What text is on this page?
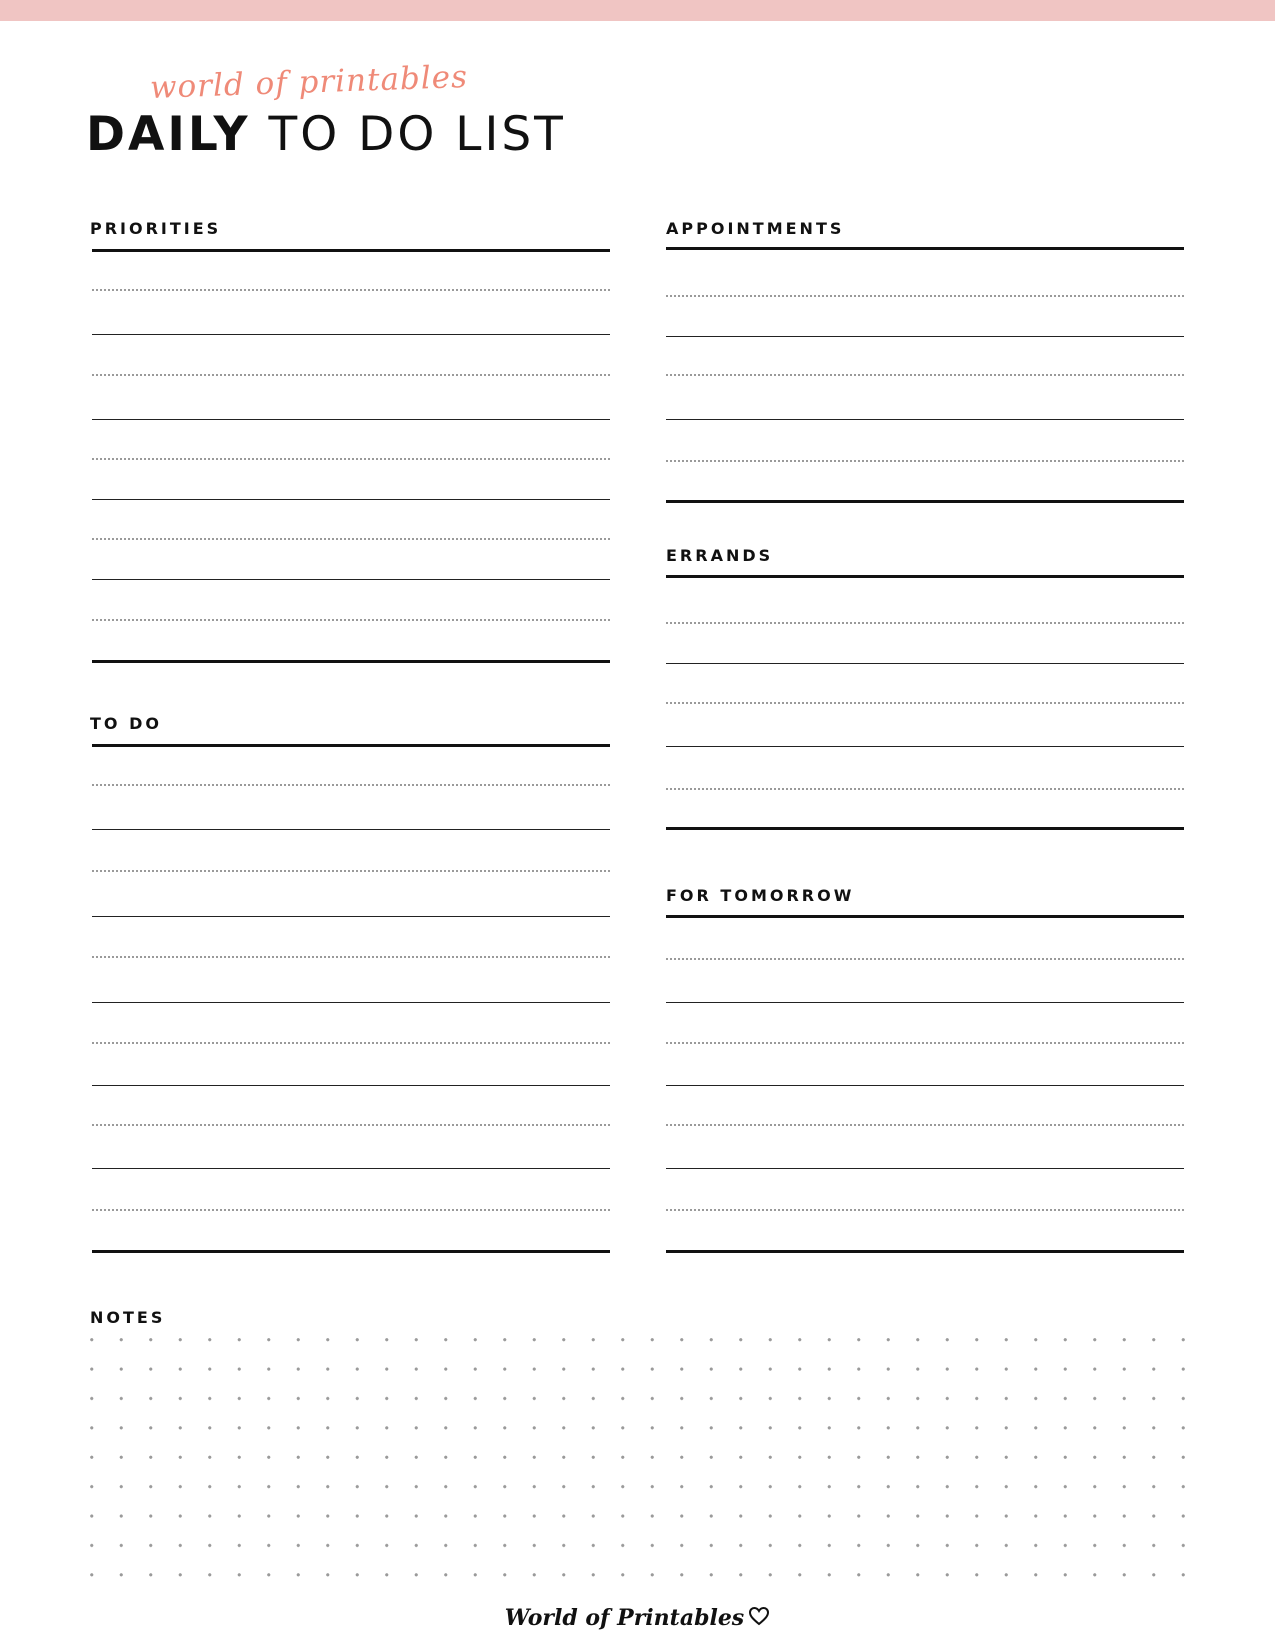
world of printables
DAILY TO DO LIST
PRIORITIES
TO DO
APPOINTMENTS
ERRANDS
FOR TOMORROW
NOTES
World of Printables
